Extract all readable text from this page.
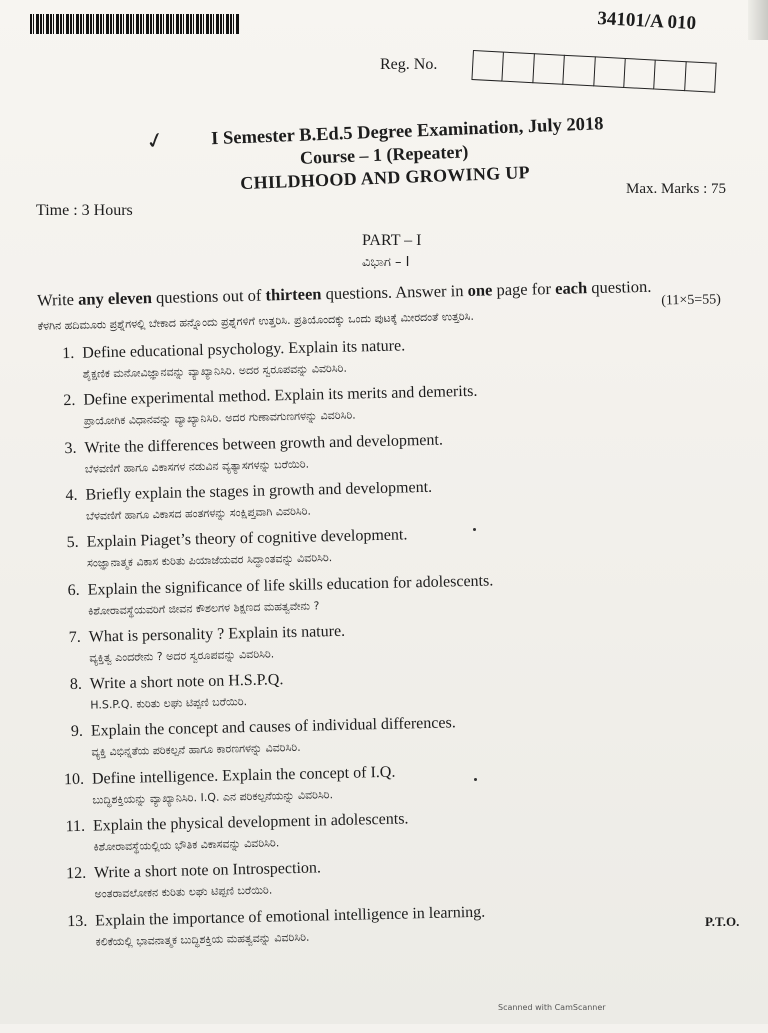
34101/A 010
Reg. No.
✓	I Semester B.Ed.5 Degree Examination, July 2018
Course – 1 (Repeater)
CHILDHOOD AND GROWING UP	Max. Marks : 75
Time : 3 Hours
PART – I
ವಿಭಾಗ – I
Write any eleven questions out of thirteen questions. Answer in one page for each question.
ಕೆಳಗಿನ ಹದಿಮೂರು ಪ್ರಶ್ನೆಗಳಲ್ಲಿ ಬೇಕಾದ ಹನ್ನೊಂದು ಪ್ರಶ್ನೆಗಳಿಗೆ ಉತ್ತರಿಸಿ. ಪ್ರತಿಯೊಂದಕ್ಕು ಒಂದು ಪುಟಕ್ಕೆ ಮೀರದಂತೆ ಉತ್ತರಿಸಿ.
(11×5=55)
1. Define educational psychology. Explain its nature.
ಶೈಕ್ಷಣಿಕ ಮನೋವಿಜ್ಞಾನವನ್ನು ವ್ಯಾಖ್ಯಾನಿಸಿರಿ. ಅದರ ಸ್ವರೂಪವನ್ನು ವಿವರಿಸಿರಿ.
2. Define experimental method. Explain its merits and demerits.
ಪ್ರಾಯೋಗಿಕ ವಿಧಾನವನ್ನು ವ್ಯಾಖ್ಯಾನಿಸಿರಿ. ಅದರ ಗುಣಾವಗುಣಗಳನ್ನು ವಿವರಿಸಿರಿ.
3. Write the differences between growth and development.
ಬೆಳವಣಿಗೆ ಹಾಗೂ ವಿಕಾಸಗಳ ನಡುವಿನ ವ್ಯತ್ಯಾಸಗಳನ್ನು ಬರೆಯಿರಿ.
4. Briefly explain the stages in growth and development.
ಬೆಳವಣಿಗೆ ಹಾಗೂ ವಿಕಾಸದ ಹಂತಗಳನ್ನು ಸಂಕ್ಷಿಪ್ತವಾಗಿ ವಿವರಿಸಿರಿ.
5. Explain Piaget’s theory of cognitive development.
ಸಂಜ್ಞಾನಾತ್ಮಕ ವಿಕಾಸ ಕುರಿತು ಪಿಯಾಜೆಯವರ ಸಿದ್ಧಾಂತವನ್ನು ವಿವರಿಸಿರಿ.
6. Explain the significance of life skills education for adolescents.
ಕಿಶೋರಾವಸ್ಥೆಯವರಿಗೆ ಜೀವನ ಕೌಶಲಗಳ ಶಿಕ್ಷಣದ ಮಹತ್ವವೇನು ?
7. What is personality ? Explain its nature.
ವ್ಯಕ್ತಿತ್ವ ಎಂದರೇನು ? ಅದರ ಸ್ವರೂಪವನ್ನು ವಿವರಿಸಿರಿ.
8. Write a short note on H.S.P.Q.
H.S.P.Q. ಕುರಿತು ಲಘು ಟಿಪ್ಪಣಿ ಬರೆಯಿರಿ.
9. Explain the concept and causes of individual differences.
ವ್ಯಕ್ತಿ ವಿಭಿನ್ನತೆಯ ಪರಿಕಲ್ಪನೆ ಹಾಗೂ ಕಾರಣಗಳನ್ನು ವಿವರಿಸಿರಿ.
10. Define intelligence. Explain the concept of I.Q.
ಬುದ್ಧಿಶಕ್ತಿಯನ್ನು ವ್ಯಾಖ್ಯಾನಿಸಿರಿ. I.Q. ಎನ ಪರಿಕಲ್ಪನೆಯನ್ನು ವಿವರಿಸಿರಿ.
11. Explain the physical development in adolescents.
ಕಿಶೋರಾವಸ್ಥೆಯಲ್ಲಿಯ ಭೌತಿಕ ವಿಕಾಸವನ್ನು ವಿವರಿಸಿರಿ.
12. Write a short note on Introspection.
ಅಂತರಾವಲೋಕನ ಕುರಿತು ಲಘು ಟಿಪ್ಪಣಿ ಬರೆಯಿರಿ.
13. Explain the importance of emotional intelligence in learning.
ಕಲಿಕೆಯಲ್ಲಿ ಭಾವನಾತ್ಮಕ ಬುದ್ಧಿಶಕ್ತಿಯ ಮಹತ್ವವನ್ನು ವಿವರಿಸಿರಿ.
P.T.O.
Scanned with CamScanner
